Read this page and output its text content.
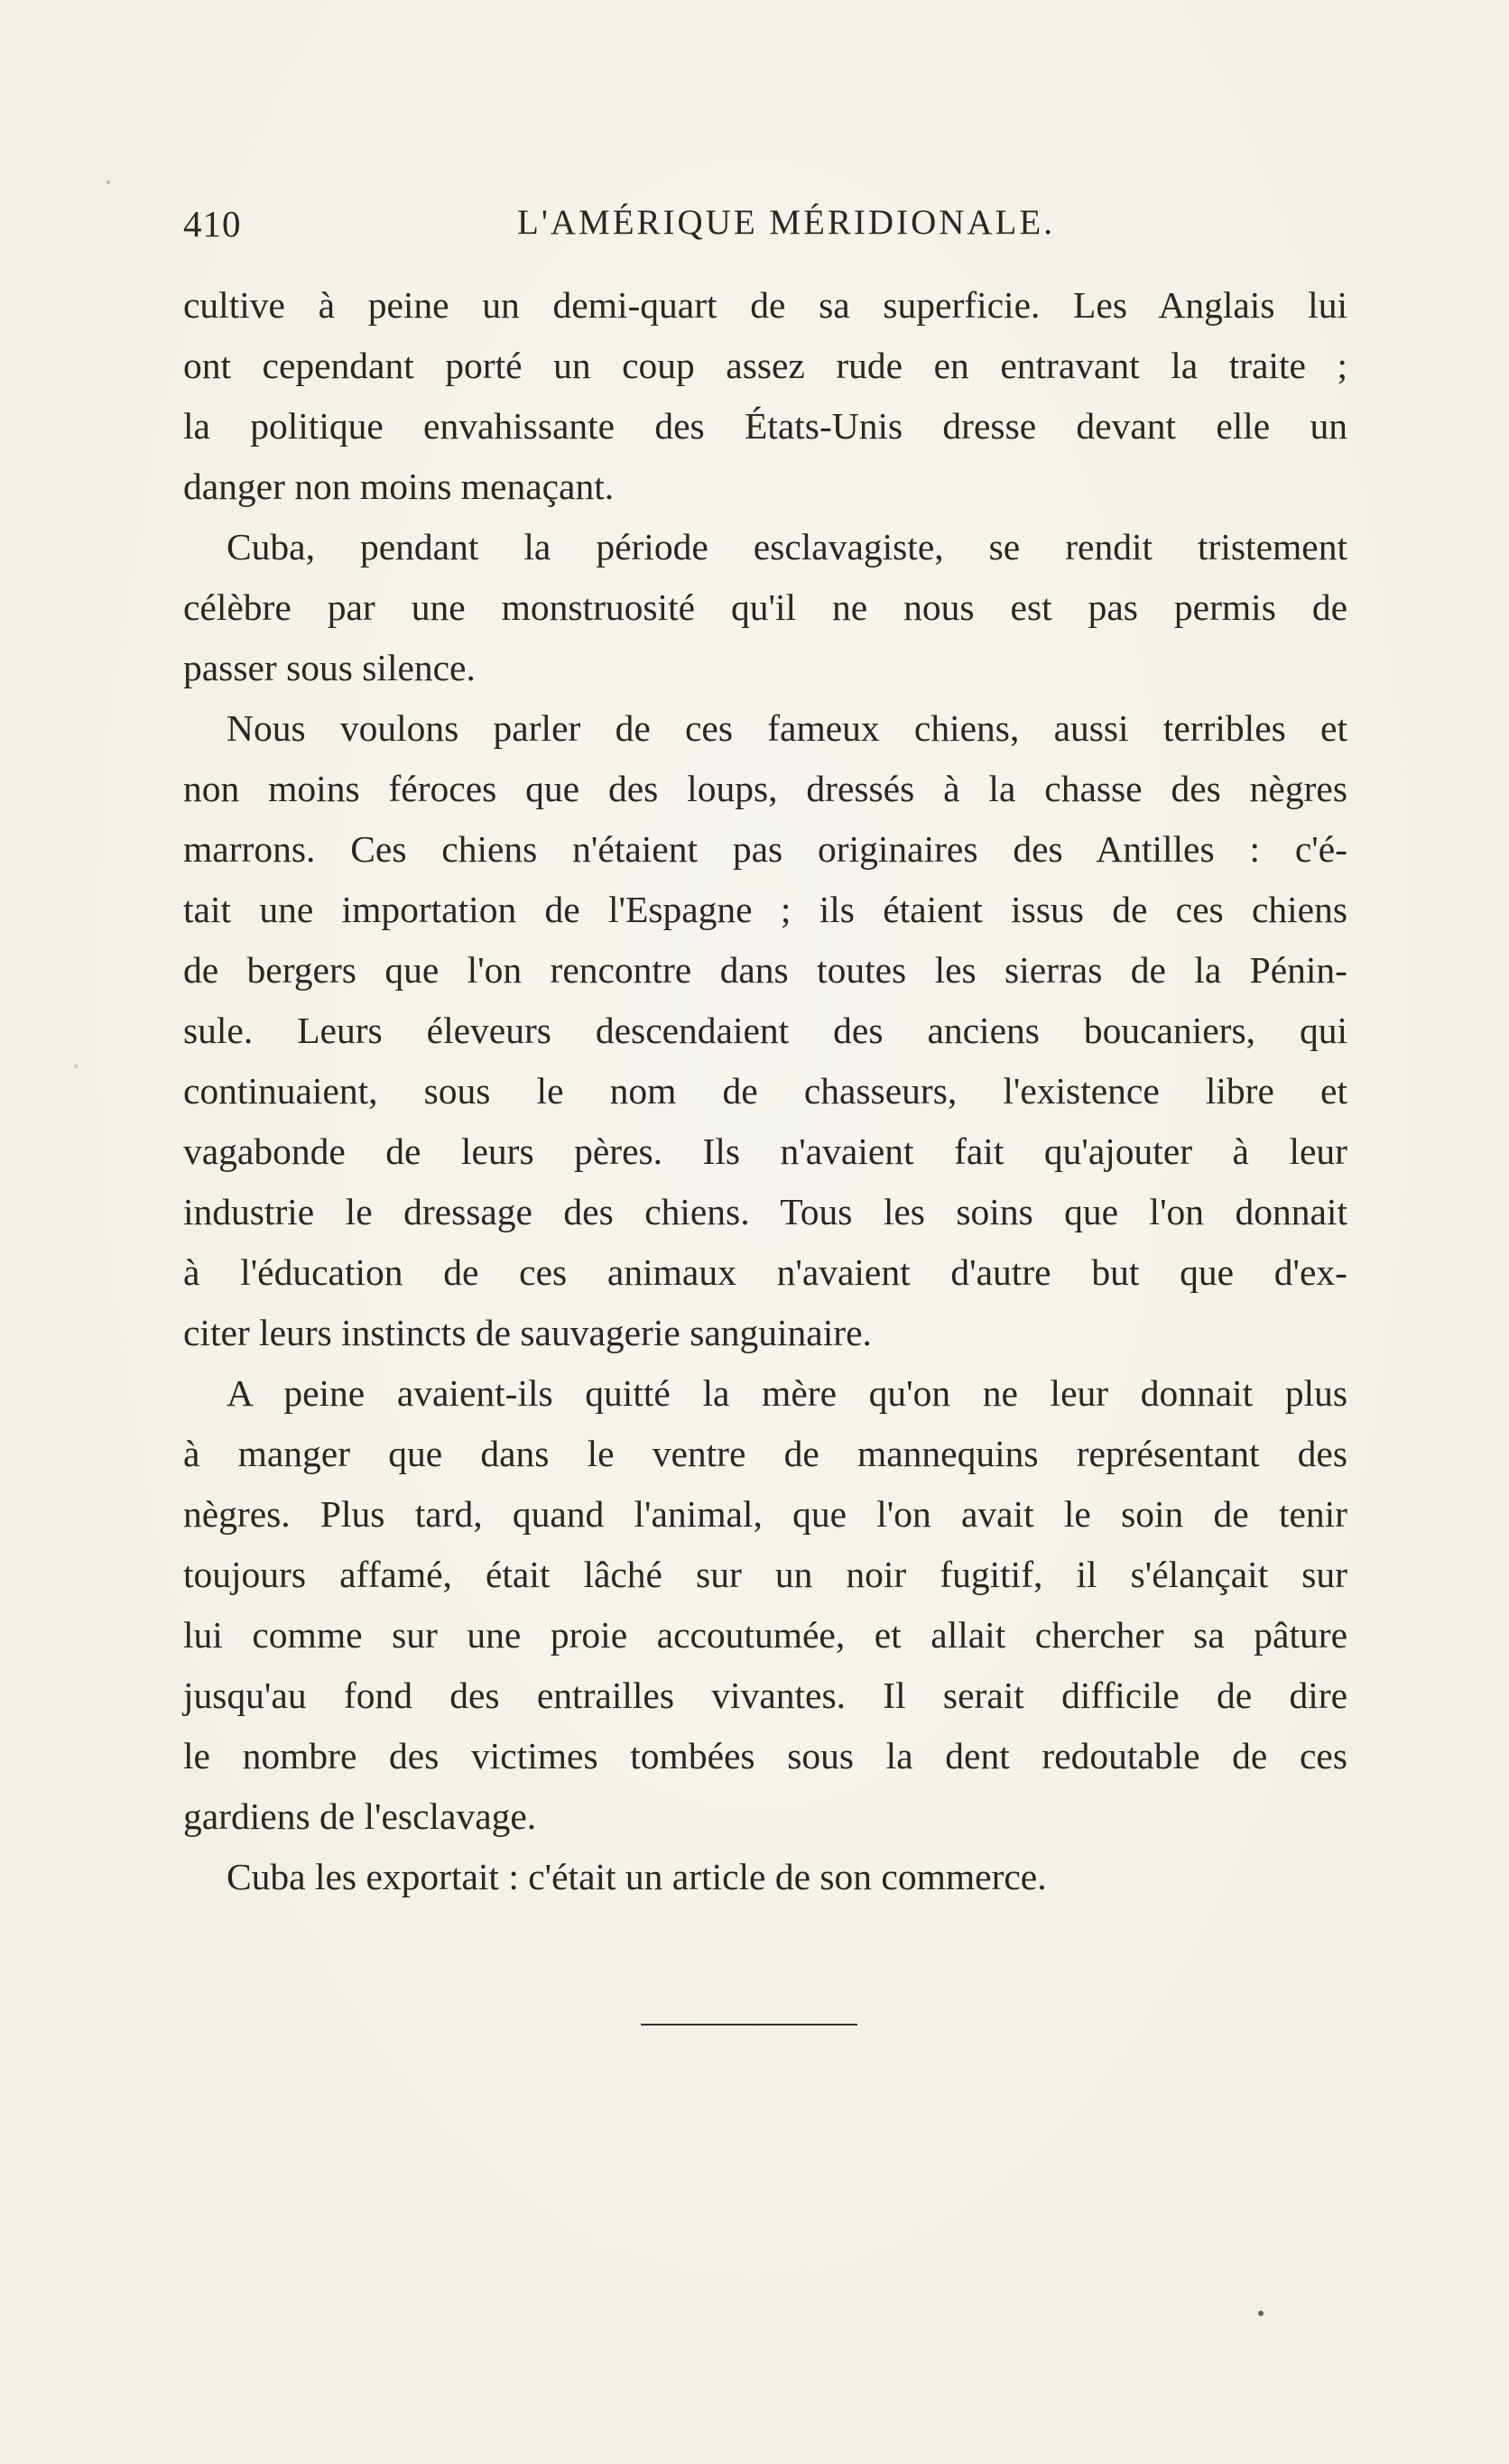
410	L'AMÉRIQUE MÉRIDIONALE.
cultive à peine un demi-quart de sa superficie. Les Anglais lui
ont cependant porté un coup assez rude en entravant la traite ;
la politique envahissante des États-Unis dresse devant elle un
danger non moins menaçant.
Cuba, pendant la période esclavagiste, se rendit tristement
célèbre par une monstruosité qu'il ne nous est pas permis de
passer sous silence.
Nous voulons parler de ces fameux chiens, aussi terribles et
non moins féroces que des loups, dressés à la chasse des nègres
marrons. Ces chiens n'étaient pas originaires des Antilles : c'é-
tait une importation de l'Espagne ; ils étaient issus de ces chiens
de bergers que l'on rencontre dans toutes les sierras de la Pénin-
sule. Leurs éleveurs descendaient des anciens boucaniers, qui
continuaient, sous le nom de chasseurs, l'existence libre et
vagabonde de leurs pères. Ils n'avaient fait qu'ajouter à leur
industrie le dressage des chiens. Tous les soins que l'on donnait
à l'éducation de ces animaux n'avaient d'autre but que d'ex-
citer leurs instincts de sauvagerie sanguinaire.
A peine avaient-ils quitté la mère qu'on ne leur donnait plus
à manger que dans le ventre de mannequins représentant des
nègres. Plus tard, quand l'animal, que l'on avait le soin de tenir
toujours affamé, était lâché sur un noir fugitif, il s'élançait sur
lui comme sur une proie accoutumée, et allait chercher sa pâture
jusqu'au fond des entrailles vivantes. Il serait difficile de dire
le nombre des victimes tombées sous la dent redoutable de ces
gardiens de l'esclavage.
Cuba les exportait : c'était un article de son commerce.
